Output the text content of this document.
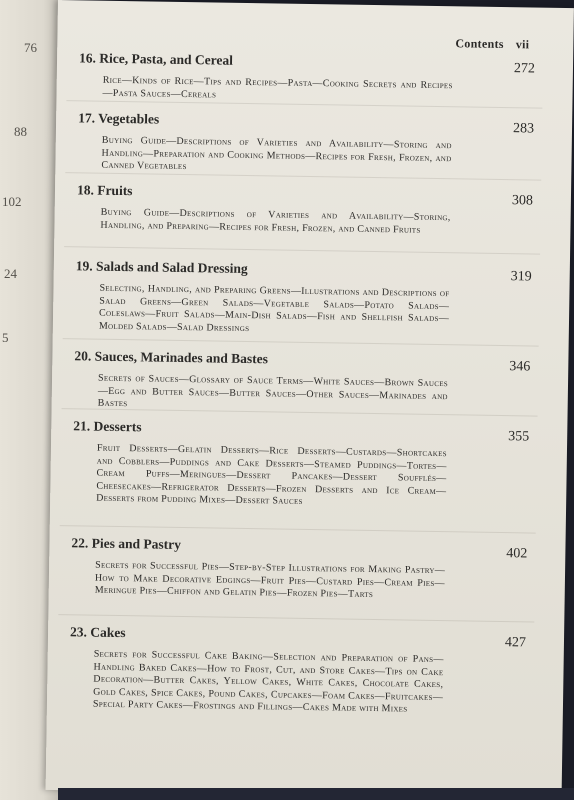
76
88
102
24
5
Contents vii
16. Rice, Pasta, and Cereal
272

Rice—Kinds of Rice—Tips and Recipes—Pasta—Cooking Secrets and Recipes—Pasta Sauces—Cereals

17. Vegetables
283

Buying Guide—Descriptions of Varieties and Availability—Storing and Handling—Preparation and Cooking Methods—Recipes for Fresh, Frozen, and Canned Vegetables

18. Fruits
308

Buying Guide—Descriptions of Varieties and Availability—Storing, Handling, and Preparing—Recipes for Fresh, Frozen, and Canned Fruits

19. Salads and Salad Dressing
319

Selecting, Handling, and Preparing Greens—Illustrations and Descriptions of Salad Greens—Green Salads—Vegetable Salads—Potato Salads—Coleslaws—Fruit Salads—Main-Dish Salads—Fish and Shellfish Salads—Molded Salads—Salad Dressings

20. Sauces, Marinades and Bastes
346

Secrets of Sauces—Glossary of Sauce Terms—White Sauces—Brown Sauces—Egg and Butter Sauces—Butter Sauces—Other Sauces—Marinades and Bastes

21. Desserts
355

Fruit Desserts—Gelatin Desserts—Rice Desserts—Custards—Shortcakes and Cobblers—Puddings and Cake Desserts—Steamed Puddings—Tortes—Cream Puffs—Meringues—Dessert Pancakes—Dessert Soufflés—Cheesecakes—Refrigerator Desserts—Frozen Desserts and Ice Cream—Desserts from Pudding Mixes—Dessert Sauces

22. Pies and Pastry
402

Secrets for Successful Pies—Step-by-Step Illustrations for Making Pastry—How to Make Decorative Edgings—Fruit Pies—Custard Pies—Cream Pies—Meringue Pies—Chiffon and Gelatin Pies—Frozen Pies—Tarts

23. Cakes
427

Secrets for Successful Cake Baking—Selection and Preparation of Pans—Handling Baked Cakes—How to Frost, Cut, and Store Cakes—Tips on Cake Decoration—Butter Cakes, Yellow Cakes, White Cakes, Chocolate Cakes, Gold Cakes, Spice Cakes, Pound Cakes, Cupcakes—Foam Cakes—Fruitcakes—Special Party Cakes—Frostings and Fillings—Cakes Made with Mixes
